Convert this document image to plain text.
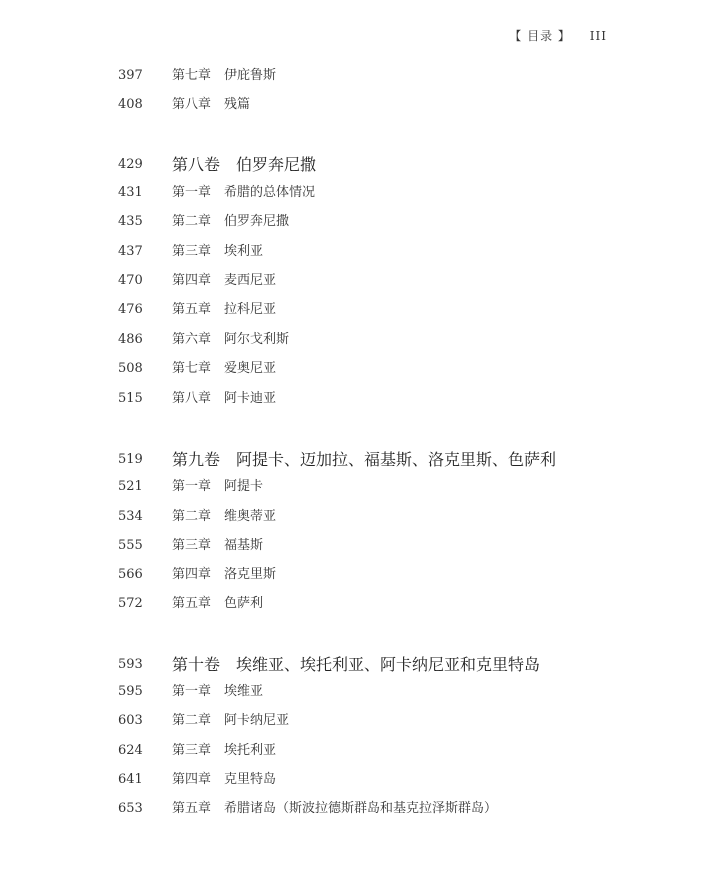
【 目录 】 III
397	第七章 伊庇鲁斯
408	第八章 残篇
429	第八卷 伯罗奔尼撒
431	第一章 希腊的总体情况
435	第二章 伯罗奔尼撒
437	第三章 埃利亚
470	第四章 麦西尼亚
476	第五章 拉科尼亚
486	第六章 阿尔戈利斯
508	第七章 爱奥尼亚
515	第八章 阿卡迪亚
519	第九卷 阿提卡、迈加拉、福基斯、洛克里斯、色萨利
521	第一章 阿提卡
534	第二章 维奥蒂亚
555	第三章 福基斯
566	第四章 洛克里斯
572	第五章 色萨利
593	第十卷 埃维亚、埃托利亚、阿卡纳尼亚和克里特岛
595	第一章 埃维亚
603	第二章 阿卡纳尼亚
624	第三章 埃托利亚
641	第四章 克里特岛
653	第五章 希腊诸岛（斯波拉德斯群岛和基克拉泽斯群岛）
